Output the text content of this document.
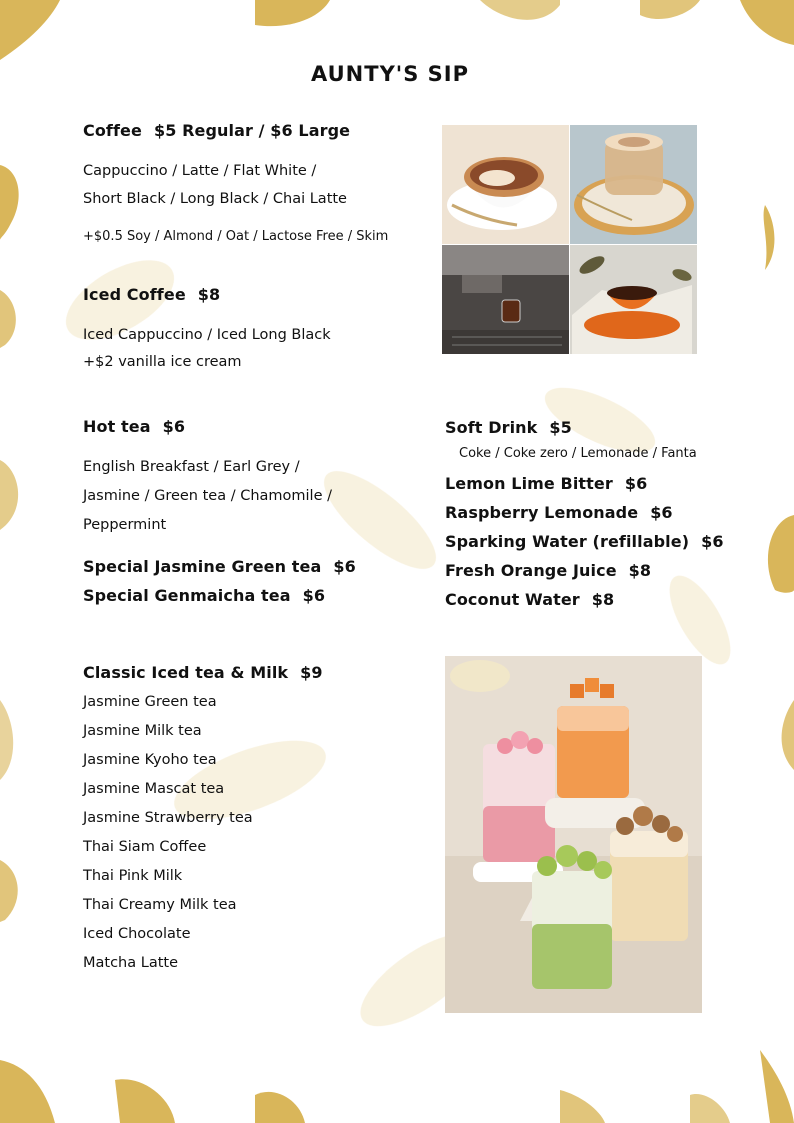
AUNTY'S SIP
Coffee $5 Regular / $6 Large
Cappuccino / Latte / Flat White /
Short Black / Long Black / Chai Latte
+$0.5 Soy / Almond / Oat / Lactose Free / Skim
Iced Coffee $8
Iced Cappuccino / Iced Long Black
+$2 vanilla ice cream
Hot tea $6
English Breakfast / Earl Grey /
Jasmine / Green tea / Chamomile /
Peppermint
Special Jasmine Green tea $6
Special Genmaicha tea $6
Soft Drink $5
Coke / Coke zero / Lemonade / Fanta
Lemon Lime Bitter $6
Raspberry Lemonade $6
Sparking Water (refillable) $6
Fresh Orange Juice $8
Coconut Water $8
Classic Iced tea & Milk $9
Jasmine Green tea
Jasmine Milk tea
Jasmine Kyoho tea
Jasmine Mascat tea
Jasmine Strawberry tea
Thai Siam Coffee
Thai Pink Milk
Thai Creamy Milk tea
Iced Chocolate
Matcha Latte
